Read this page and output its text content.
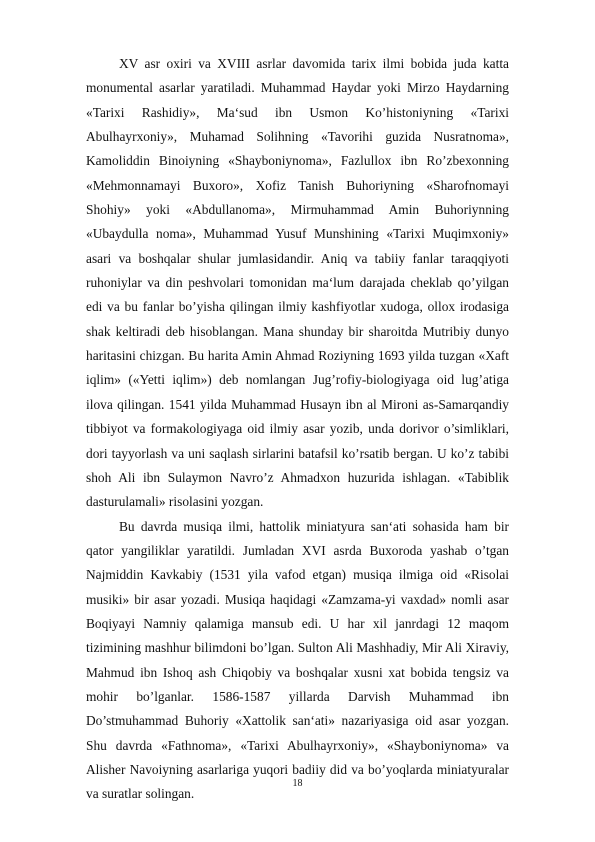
XV asr oxiri va XVIII asrlar davomida tarix ilmi bobida juda katta monumental asarlar yaratiladi. Muhammad Haydar yoki Mirzo Haydarning «Tarixi Rashidiy», Ma‘sud ibn Usmon Ko’histoniyning «Tarixi Abulhayrxoniy», Muhamad Solihning «Tavorihi guzida Nusratnoma», Kamoliddin Binoiyning «Shayboniynoma», Fazlullox ibn Ro’zbexonning «Mehmonnamayi Buxoro», Xofiz Tanish Buhoriyning «Sharofnomayi Shohiy» yoki «Abdullanoma», Mirmuhammad Amin Buhoriynning «Ubaydulla noma», Muhammad Yusuf Munshining «Tarixi Muqimxoniy» asari va boshqalar shular jumlasidandir. Aniq va tabiiy fanlar taraqqiyoti ruhoniylar va din peshvolari tomonidan ma‘lum darajada cheklab qo’yilgan edi va bu fanlar bo’yisha qilingan ilmiy kashfiyotlar xudoga, ollox irodasiga shak keltiradi deb hisoblangan. Mana shunday bir sharoitda Mutribiy dunyo haritasini chizgan. Bu harita Amin Ahmad Roziyning 1693 yilda tuzgan «Xaft iqlim» («Yetti iqlim») deb nomlangan Jug’rofiy-biologiyaga oid lug’atiga ilova qilingan. 1541 yilda Muhammad Husayn ibn al Mironi as-Samarqandiy tibbiyot va formakologiyaga oid ilmiy asar yozib, unda dorivor o’simliklari, dori tayyorlash va uni saqlash sirlarini batafsil ko’rsatib bergan. U ko’z tabibi shoh Ali ibn Sulaymon Navro’z Ahmadxon huzurida ishlagan. «Tabiblik dasturulamali» risolasini yozgan.

Bu davrda musiqa ilmi, hattolik miniatyura san‘ati sohasida ham bir qator yangiliklar yaratildi. Jumladan XVI asrda Buxoroda yashab o’tgan Najmiddin Kavkabiy (1531 yila vafod etgan) musiqa ilmiga oid «Risolai musiki» bir asar yozadi. Musiqa haqidagi «Zamzama-yi vaxdad» nomli asar Boqiyayi Namniy qalamiga mansub edi. U har xil janrdagi 12 maqom tizimining mashhur bilimdoni bo’lgan. Sulton Ali Mashhadiy, Mir Ali Xiraviy, Mahmud ibn Ishoq ash Chiqobiy va boshqalar xusni xat bobida tengsiz va mohir bo’lganlar. 1586-1587 yillarda Darvish Muhammad ibn Do’stmuhammad Buhoriy «Xattolik san‘ati» nazariyasiga oid asar yozgan. Shu davrda «Fathnoma», «Tarixi Abulhayrxoniy», «Shayboniynoma» va Alisher Navoiyning asarlariga yuqori badiiy did va bo’yoqlarda miniatyuralar va suratlar solingan.

18
